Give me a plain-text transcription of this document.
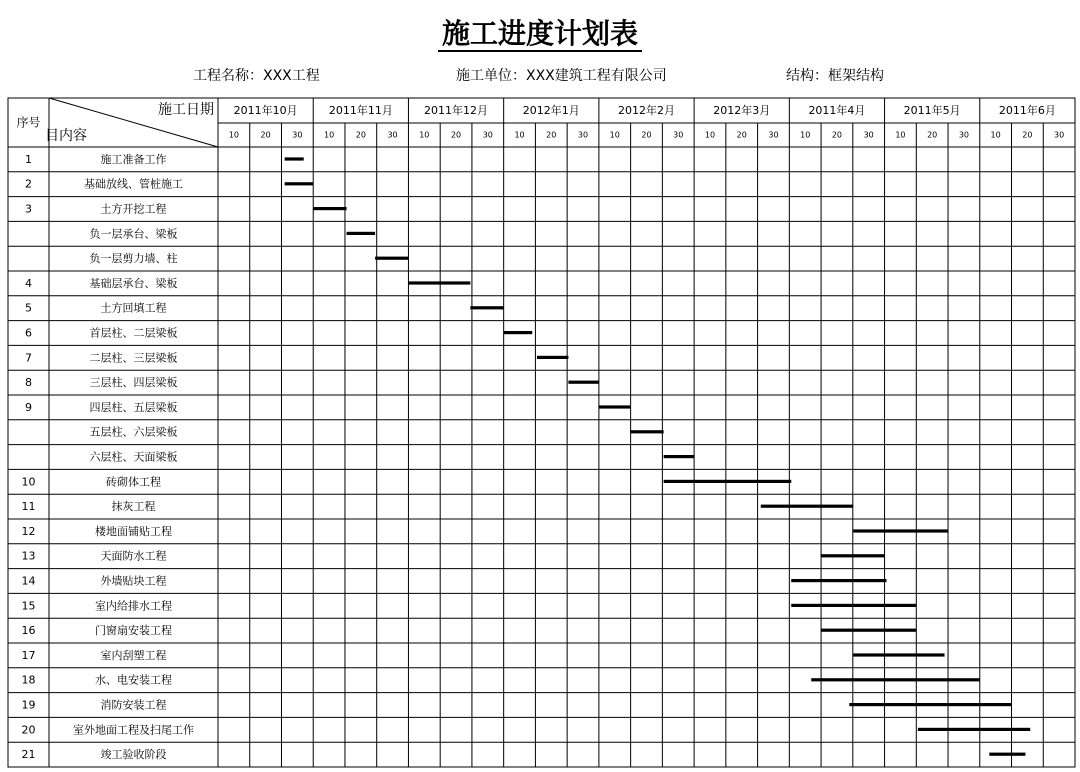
施工进度计划表
工程名称：XXX工程	施工单位：XXX建筑工程有限公司	结构：框架结构
序号
施工日期
目内容
2011年10月	2011年11月	2011年12月	2012年1月	2012年2月	2012年3月	2011年4月	2011年5月	2011年6月
10	20	30	10	20	30	10	20	30	10	20	30	10	20	30	10	20	30	10	20	30	10	20	30	10	20	30
1	施工准备工作
2	基础放线、管桩施工
3	土方开挖工程
负一层承台、梁板
负一层剪力墙、柱
4	基础层承台、梁板
5	土方回填工程
6	首层柱、二层梁板
7	二层柱、三层梁板
8	三层柱、四层梁板
9	四层柱、五层梁板
五层柱、六层梁板
六层柱、天面梁板
10	砖砌体工程
11	抹灰工程
12	楼地面铺贴工程
13	天面防水工程
14	外墙贴块工程
15	室内给排水工程
16	门窗扇安装工程
17	室内刮塑工程
18	水、电安装工程
19	消防安装工程
20	室外地面工程及扫尾工作
21	竣工验收阶段
